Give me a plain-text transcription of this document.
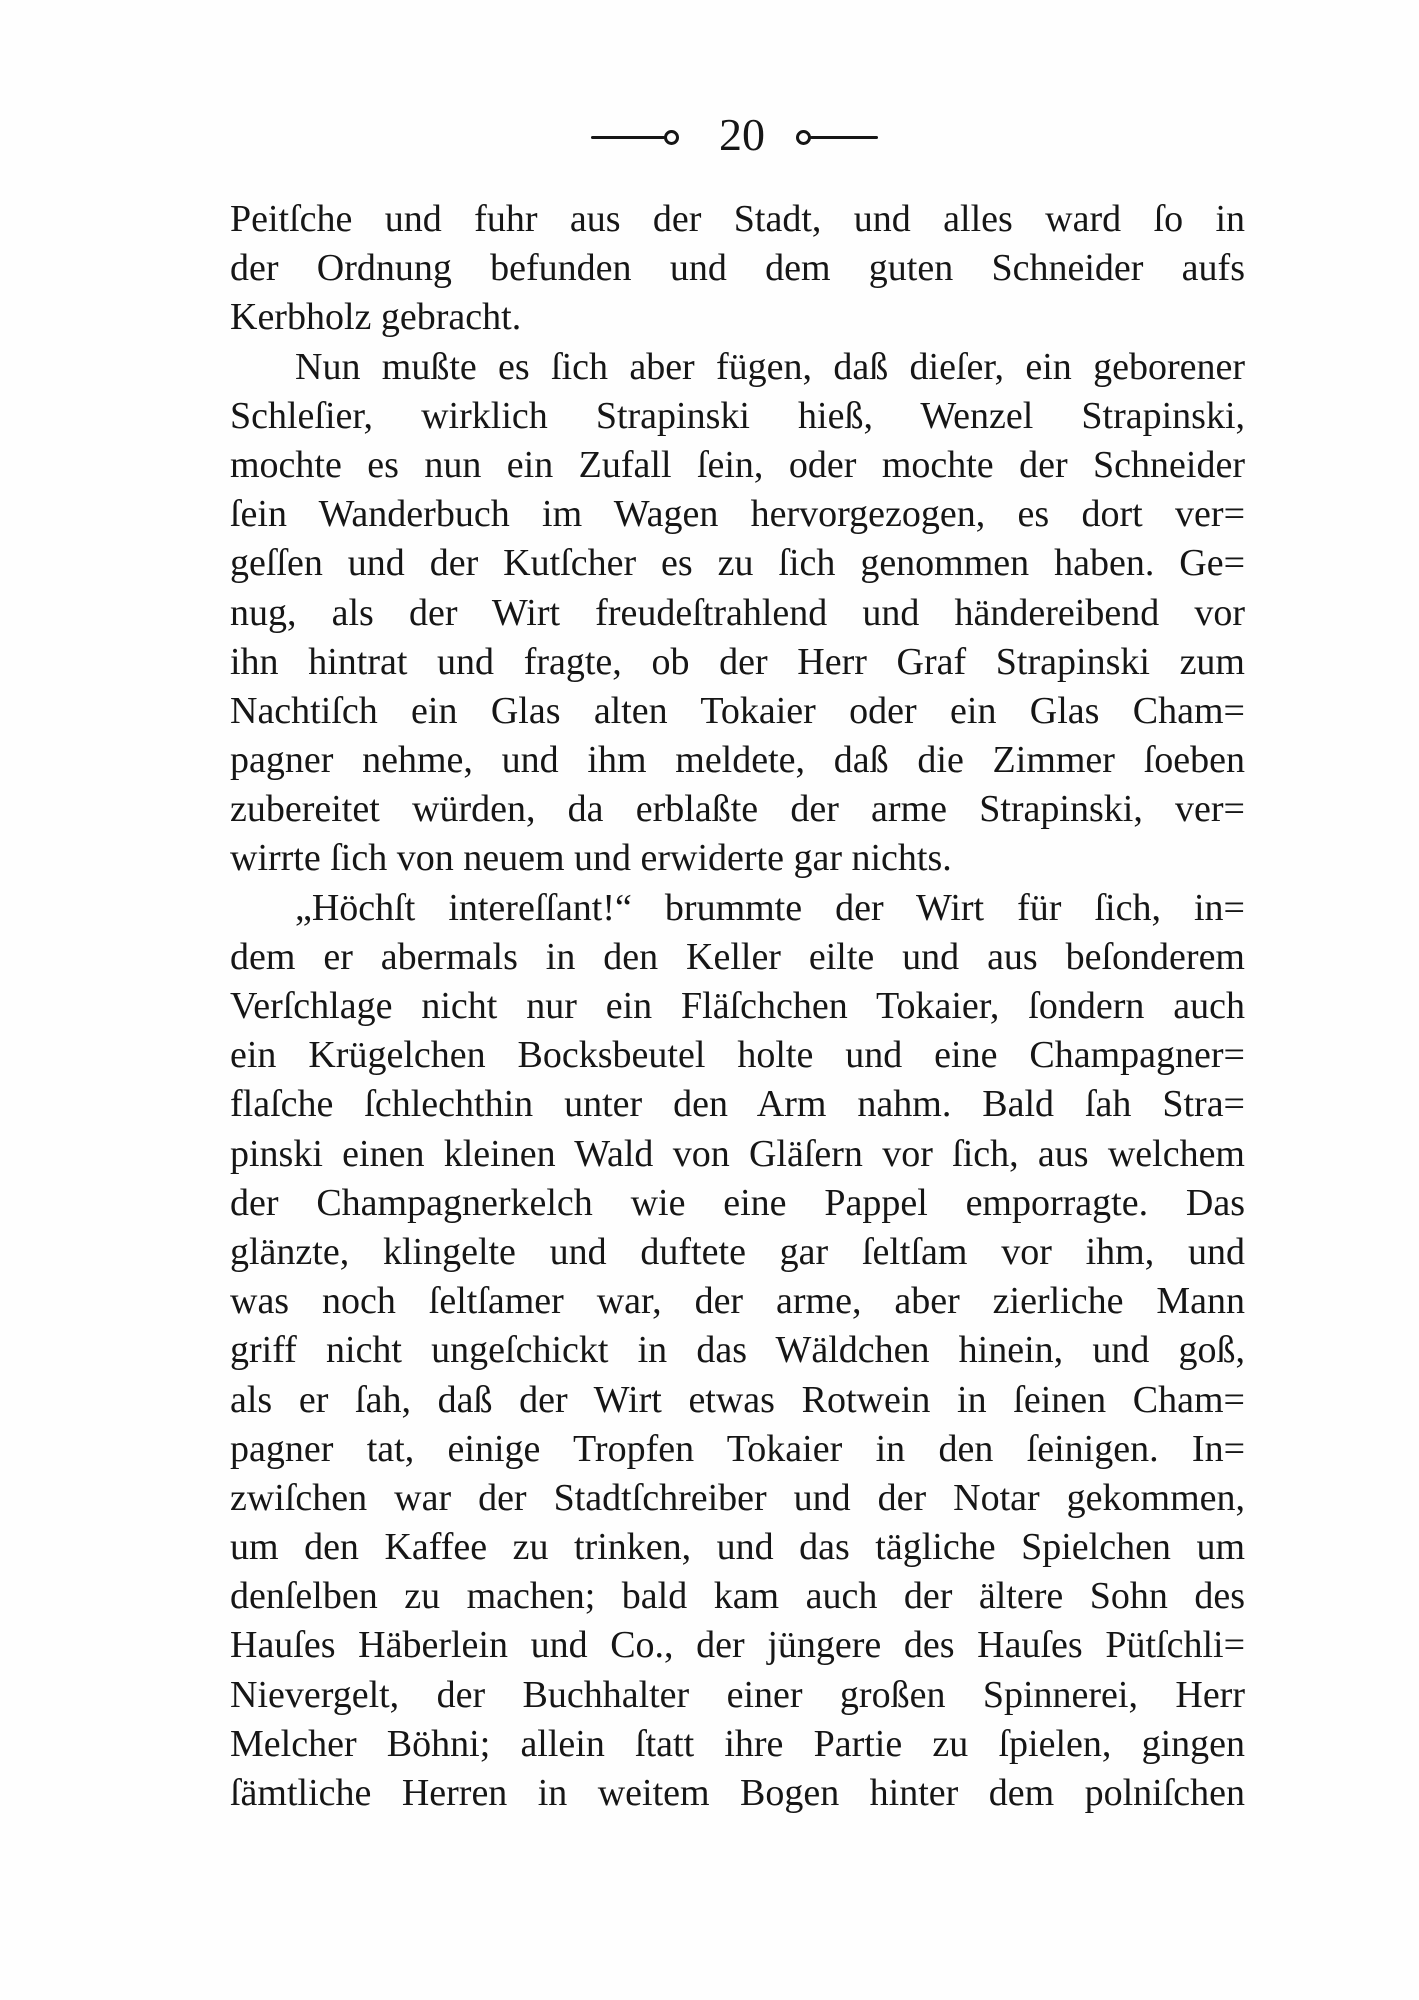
20
Peitſche und fuhr aus der Stadt, und alles ward ſo in
der Ordnung befunden und dem guten Schneider aufs
Kerbholz gebracht.
Nun mußte es ſich aber fügen, daß dieſer, ein geborener
Schleſier, wirklich Strapinski hieß, Wenzel Strapinski,
mochte es nun ein Zufall ſein, oder mochte der Schneider
ſein Wanderbuch im Wagen hervorgezogen, es dort ver=
geſſen und der Kutſcher es zu ſich genommen haben. Ge=
nug, als der Wirt freudeſtrahlend und händereibend vor
ihn hintrat und fragte, ob der Herr Graf Strapinski zum
Nachtiſch ein Glas alten Tokaier oder ein Glas Cham=
pagner nehme, und ihm meldete, daß die Zimmer ſoeben
zubereitet würden, da erblaßte der arme Strapinski, ver=
wirrte ſich von neuem und erwiderte gar nichts.
„Höchſt intereſſant!“ brummte der Wirt für ſich, in=
dem er abermals in den Keller eilte und aus beſonderem
Verſchlage nicht nur ein Fläſchchen Tokaier, ſondern auch
ein Krügelchen Bocksbeutel holte und eine Champagner=
flaſche ſchlechthin unter den Arm nahm. Bald ſah Stra=
pinski einen kleinen Wald von Gläſern vor ſich, aus welchem
der Champagnerkelch wie eine Pappel emporragte. Das
glänzte, klingelte und duftete gar ſeltſam vor ihm, und
was noch ſeltſamer war, der arme, aber zierliche Mann
griff nicht ungeſchickt in das Wäldchen hinein, und goß,
als er ſah, daß der Wirt etwas Rotwein in ſeinen Cham=
pagner tat, einige Tropfen Tokaier in den ſeinigen. In=
zwiſchen war der Stadtſchreiber und der Notar gekommen,
um den Kaffee zu trinken, und das tägliche Spielchen um
denſelben zu machen; bald kam auch der ältere Sohn des
Hauſes Häberlein und Co., der jüngere des Hauſes Pütſchli=
Nievergelt, der Buchhalter einer großen Spinnerei, Herr
Melcher Böhni; allein ſtatt ihre Partie zu ſpielen, gingen
ſämtliche Herren in weitem Bogen hinter dem polniſchen
